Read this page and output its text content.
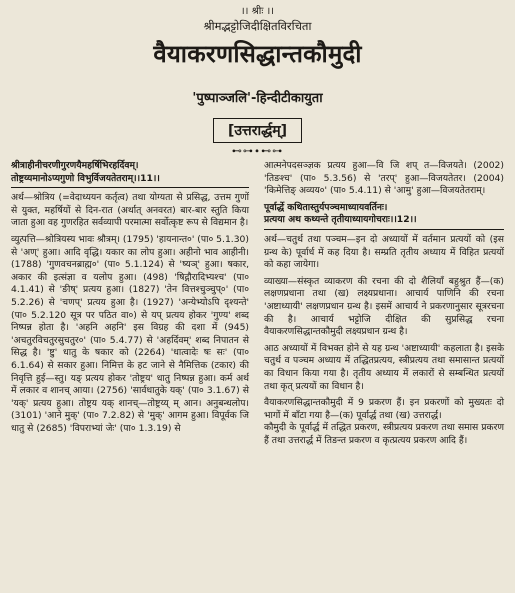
।। श्रीः ।।
श्रीमद्भट्टोजिदीक्षितविरचिता
वैयाकरणसिद्धान्तकौमुदी
'पुष्पाञ्जलि'-हिन्दीटीकायुता
[उत्तरार्द्धम्]
⊷⊶∙⊷⊶
श्रीत्राहीनीचरणीगुरणयैमहर्षिभिरहर्दिवम्।
तोष्ट्रय्यमानोऽप्यगुणो विभुर्विजयतेतराम्।।11।।

अर्थ—श्रोत्रिय (=वेदाध्ययन कर्तृत्व) तथा योग्यता से प्रसिद्ध, उत्तम गुणों से युक्त, महर्षियों से दिन-रात (अर्थात् अनवरत) बार-बार स्तुति किया जाता हुआ वह गुणरहित सर्वव्यापी परमात्मा सर्वोत्कृष्ट रूप से विद्यमान है।

व्युत्पत्ति—श्रोत्रियस्य भावः श्रौत्रम्। (1795) 'हायनान्त०' (पा० 5.1.30) से 'अण्' हुआ। आदि वृद्धि। यकार का लोप हुआ। अहीनो भाव आहीनी। (1788) 'गुणवचनब्राह्म०' (पा० 5.1.124) से 'ष्यञ्' हुआ। षकार, अकार की इत्संज्ञा व यलोप हुआ। (498) 'षिद्गौरादिभ्यश्च' (पा० 4.1.41) से 'ङीष्' प्रत्यय हुआ। (1827) 'तेन वित्तश्चुञ्चुप्०' (पा० 5.2.26) से 'चणप्' प्रत्यय हुआ है। (1927) 'अन्येभ्योऽपि दृश्यन्ते' (पा० 5.2.120 सूत्र पर पठित वा०) से यप् प्रत्यय होकर 'गुण्य' शब्द निष्पन्न होता है। 'अहनि अहनि' इस विग्रह की दशा में (945) 'अचतुरविचतुरसुचतुर०' (पा० 5.4.77) से 'अहर्दिवम्' शब्द निपातन से सिद्ध है। 'ष्टु' धातु के षकार को (2264) 'धात्वादेः षः सः' (पा० 6.1.64) से सकार हुआ। निमित्त के हट जाने से नैमित्तिक (टकार) की निवृत्ति हुई—स्तु। यङ् प्रत्यय होकर 'तोष्ट्रय' धातु निष्पन्न हुआ। कर्म अर्थ में लकार व शानच् आया। (2756) 'सार्वधातुके यक्' (पा० 3.1.67) से 'यक्' प्रत्यय हुआ। तोष्ट्रय यक् शानच्—तोष्ट्रय्य् म् आन। अनुबन्धलोप। (3101) 'आने मुक्' (पा० 7.2.82) से 'मुक्' आगम हुआ। विपूर्वक जि धातु से (2685) 'विपराभ्यां जेः' (पा० 1.3.19) से

आत्मनेपदसञ्ज्ञक प्रत्यय हुआ—वि जि शप् त—विजयते। (2002) 'तिङश्च' (पा० 5.3.56) से 'तरप्' हुआ—विजयतेतर। (2004) 'किमेत्तिङ् अव्यय०' (पा० 5.4.11) से 'आमु' हुआ—विजयतेतराम्।

पूर्वार्द्धे कथितास्तुर्यपञ्चमाध्यायवर्तिनः।
प्रत्यया अथ कथ्यन्ते तृतीयाध्यायगोचराः।।12।।

अर्थ—चतुर्थ तथा पञ्चम—इन दो अध्यायों में वर्तमान प्रत्ययों को (इस ग्रन्थ के) पूर्वार्ध में कह दिया है। सम्प्रति तृतीय अध्याय में विहित प्रत्ययों को कहा जायेगा।

व्याख्या—संस्कृत व्याकरण की रचना की दो शैलियाँ बहुश्रुत हैं—(क) लक्षणप्रधाना तथा (ख) लक्ष्यप्रधाना। आचार्य पाणिनि की रचना 'अष्टाध्यायी' लक्षणप्रधान ग्रन्थ है। इसमें आचार्य ने प्रकरणानुसार सूत्ररचना की है। आचार्य भट्टोजि दीक्षित की सुप्रसिद्ध रचना वैयाकरणसिद्धान्तकौमुदी लक्ष्यप्रधान ग्रन्थ है।

आठ अध्यायों में विभक्त होने से यह ग्रन्थ 'अष्टाध्यायी' कहलाता है। इसके चतुर्थ व पञ्चम अध्याय में तद्धितप्रत्यय, स्त्रीप्रत्यय तथा समासान्त प्रत्ययों का विधान किया गया है। तृतीय अध्याय में लकारों से सम्बन्धित प्रत्ययों तथा कृत् प्रत्ययों का विधान है।

वैयाकरणसिद्धान्तकौमुदी में 9 प्रकरण हैं। इन प्रकरणों को मुख्यतः दो भागों में बाँटा गया है—(क) पूर्वार्द्ध तथा (ख) उत्तरार्द्ध।

कौमुदी के पूर्वार्द्ध में तद्धित प्रकरण, स्त्रीप्रत्यय प्रकरण तथा समास प्रकरण हैं तथा उत्तरार्द्ध में तिङन्त प्रकरण व कृत्प्रत्यय प्रकरण आदि हैं।
